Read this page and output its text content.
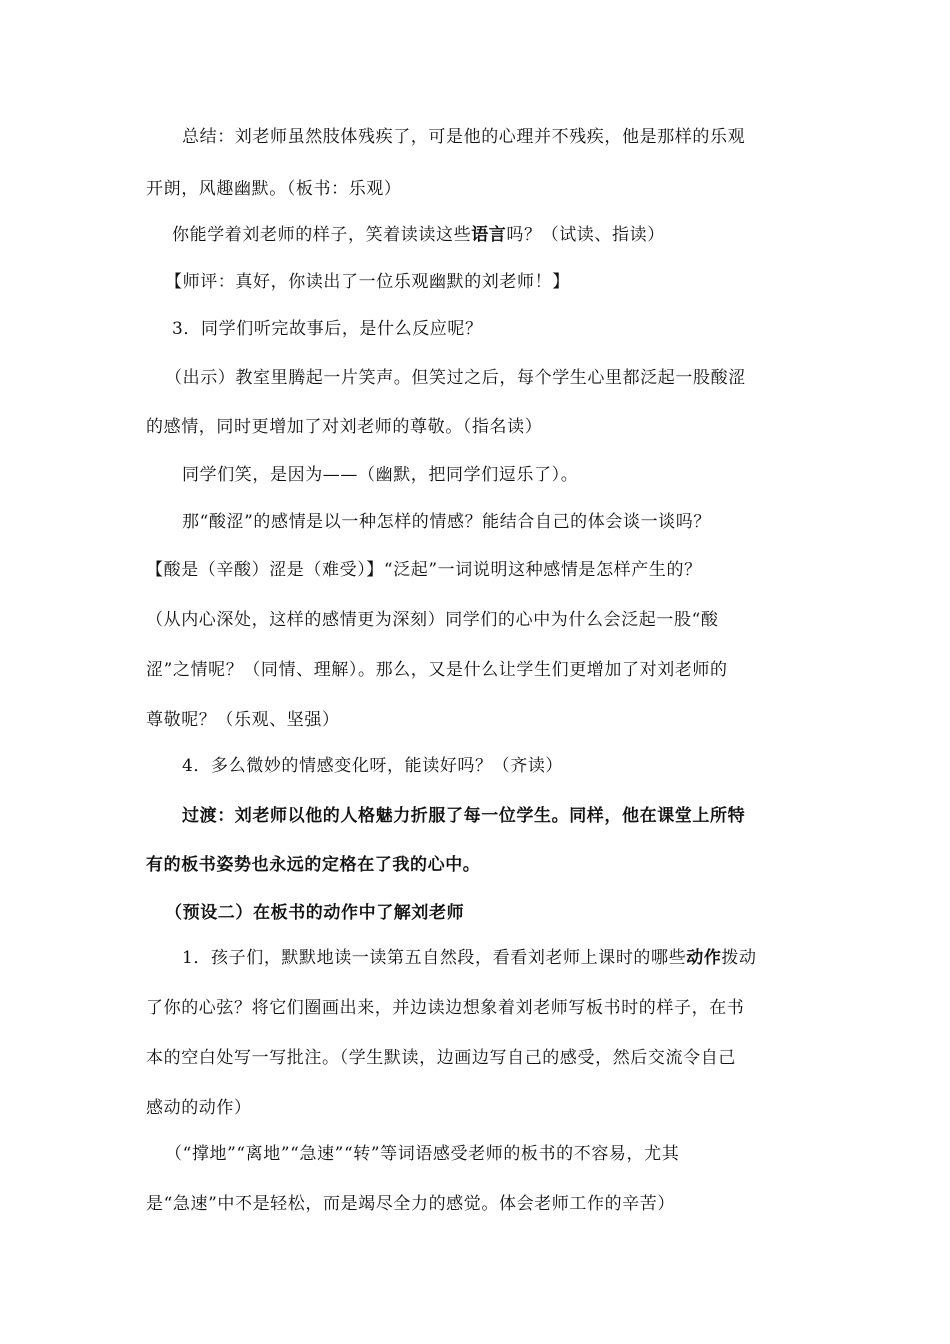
总结：刘老师虽然肢体残疾了，可是他的心理并不残疾，他是那样的乐观
开朗，风趣幽默。（板书：乐观）
你能学着刘老师的样子，笑着读读这些语言吗？（试读、指读）
【师评：真好，你读出了一位乐观幽默的刘老师！】
3．同学们听完故事后，是什么反应呢？
（出示）教室里腾起一片笑声。但笑过之后，每个学生心里都泛起一股酸涩
的感情，同时更增加了对刘老师的尊敬。（指名读）
同学们笑，是因为——（幽默，把同学们逗乐了）。
那“酸涩”的感情是以一种怎样的情感？能结合自己的体会谈一谈吗？
【酸是（辛酸）涩是（难受）】“泛起”一词说明这种感情是怎样产生的？
（从内心深处，这样的感情更为深刻）同学们的心中为什么会泛起一股“酸
涩”之情呢？（同情、理解）。那么，又是什么让学生们更增加了对刘老师的
尊敬呢？（乐观、坚强）
4．多么微妙的情感变化呀，能读好吗？（齐读）
过渡：刘老师以他的人格魅力折服了每一位学生。同样，他在课堂上所特
有的板书姿势也永远的定格在了我的心中。
（预设二）在板书的动作中了解刘老师
1．孩子们，默默地读一读第五自然段，看看刘老师上课时的哪些动作拨动
了你的心弦？将它们圈画出来，并边读边想象着刘老师写板书时的样子，在书
本的空白处写一写批注。（学生默读，边画边写自己的感受，然后交流令自己
感动的动作）
（“撑地”“离地”“急速”“转”等词语感受老师的板书的不容易，尤其
是“急速”中不是轻松，而是竭尽全力的感觉。体会老师工作的辛苦）
